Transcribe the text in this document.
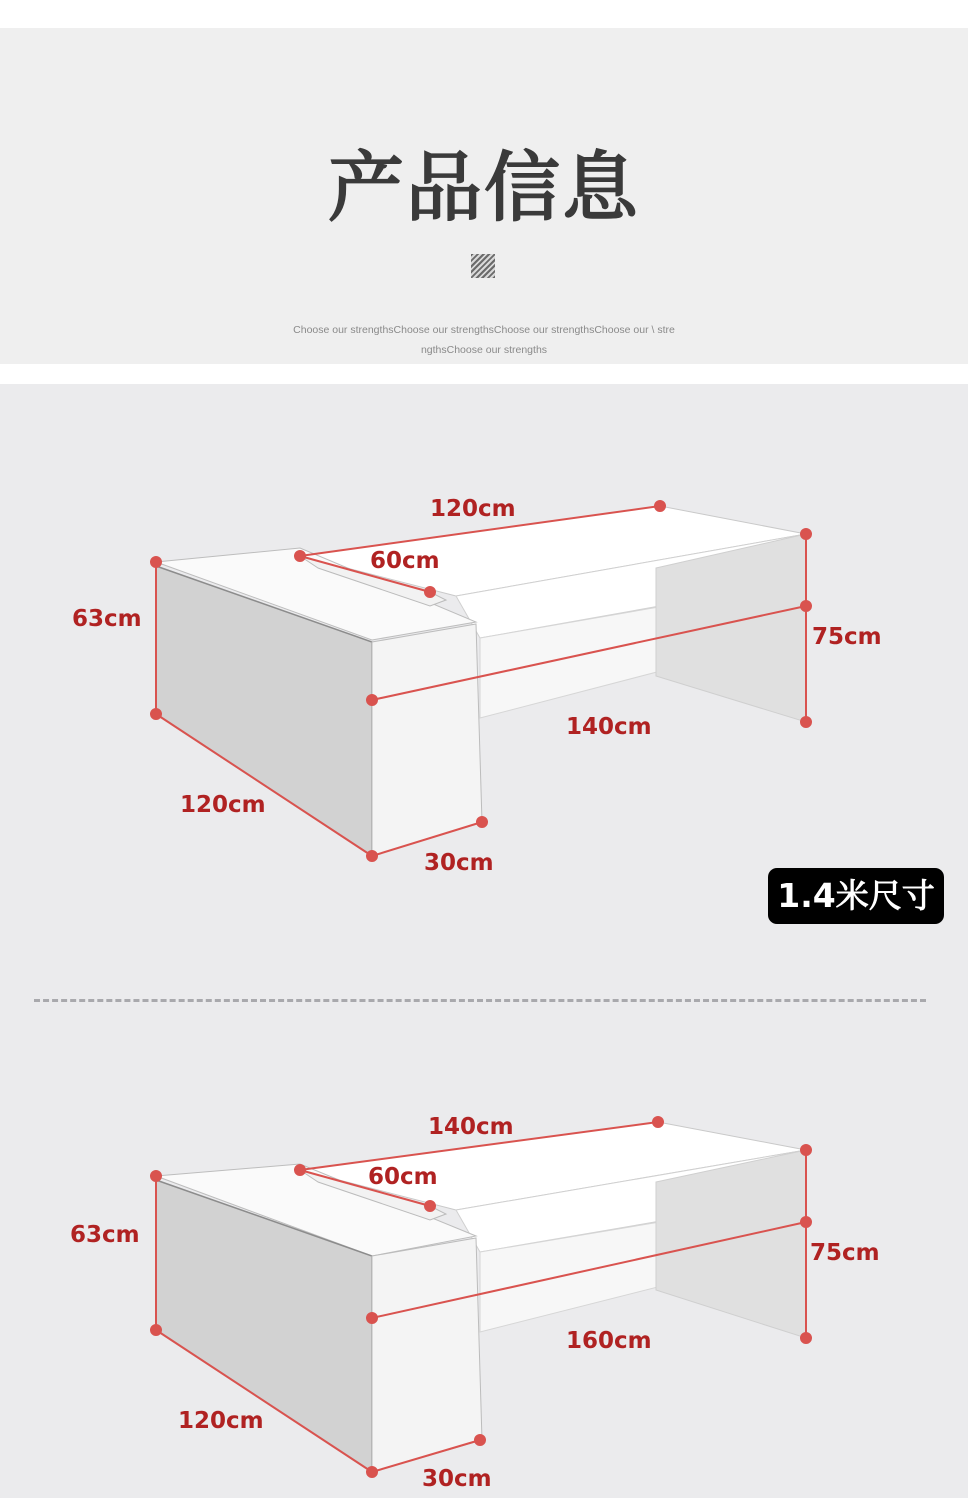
产品信息
Choose our strengthsChoose our strengthsChoose our strengthsChoose our \ strengthsChoose our strengths
120cm
60cm
63cm
75cm
140cm
120cm
30cm
1.4米尺寸
140cm
60cm
63cm
75cm
160cm
120cm
30cm
